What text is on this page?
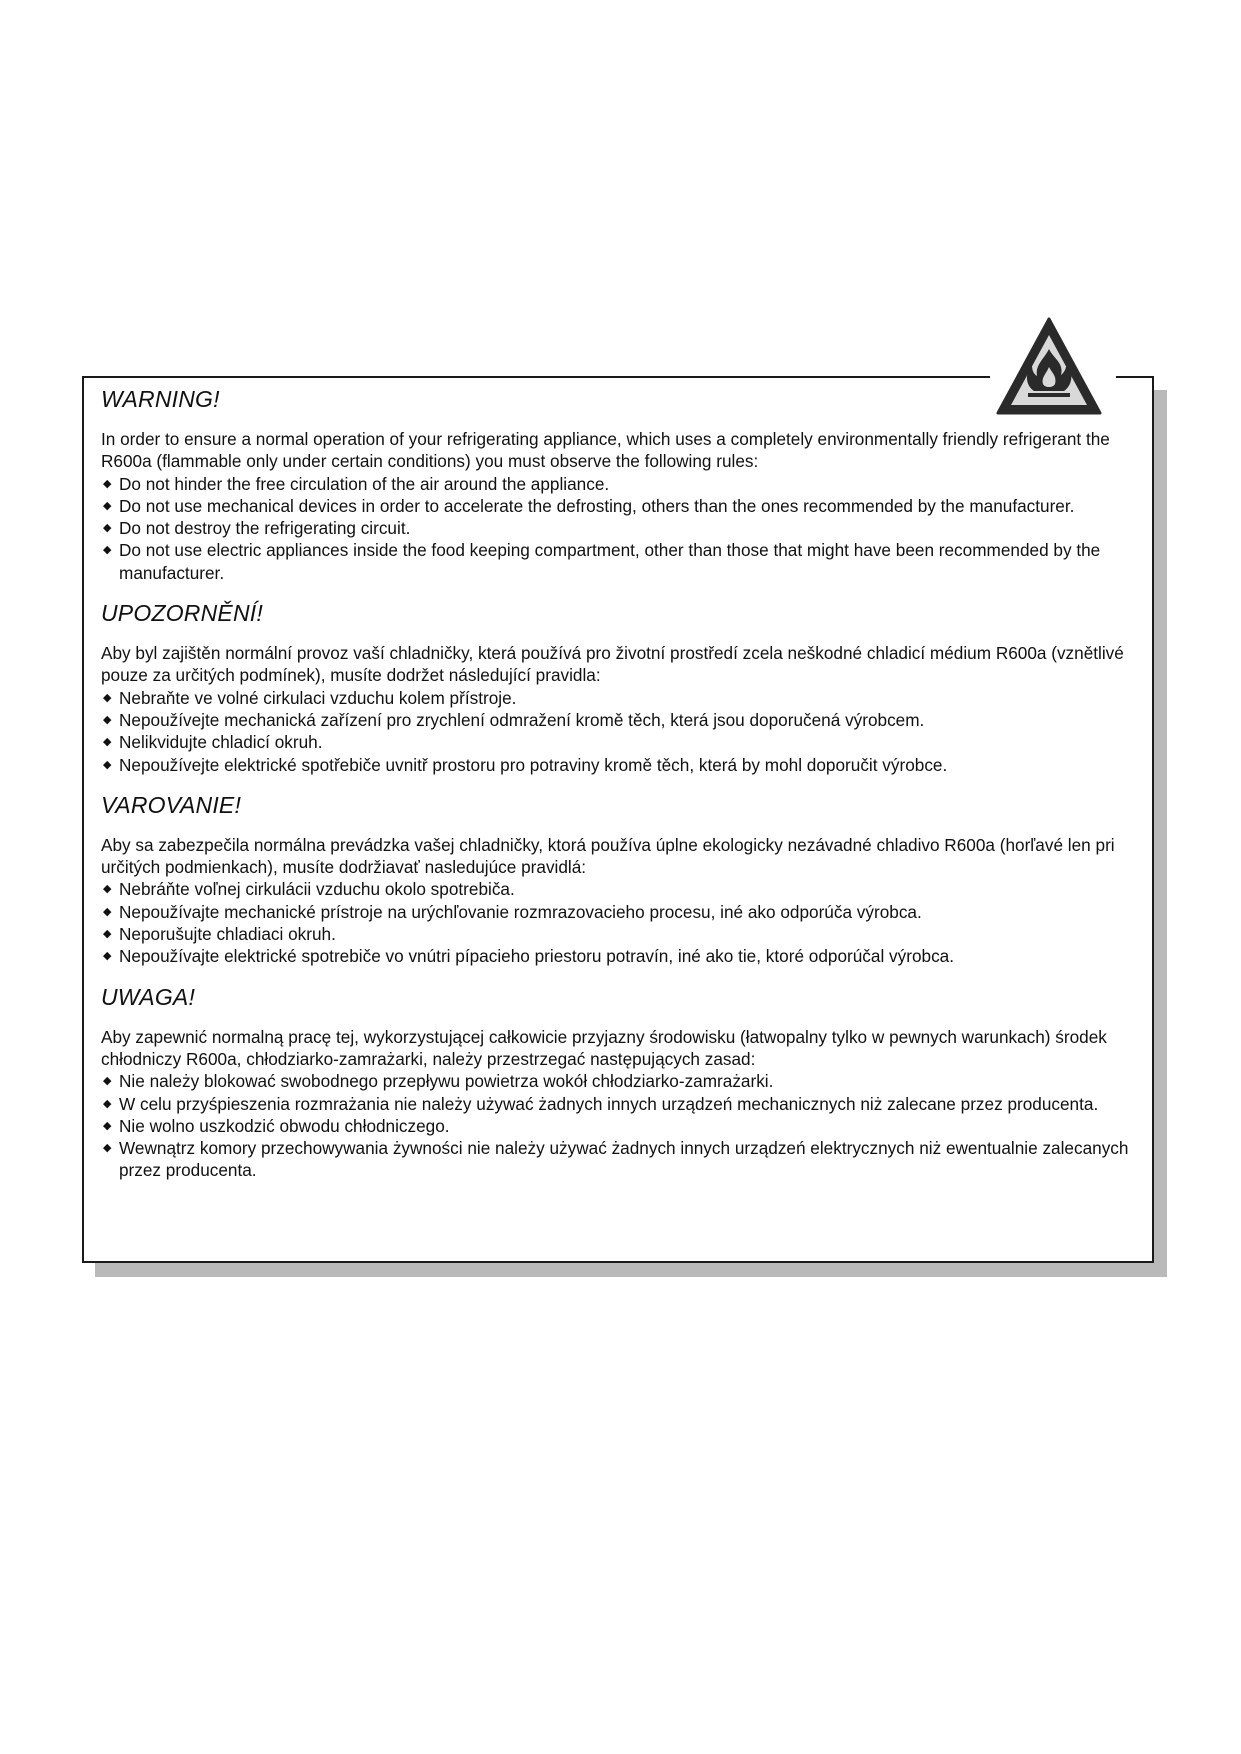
WARNING!
In order to ensure a normal operation of your refrigerating appliance, which uses a completely environmentally friendly refrigerant the R600a (flammable only under certain conditions) you must observe the following rules:
◆ Do not hinder the free circulation of the air around the appliance.
◆ Do not use mechanical devices in order to accelerate the defrosting, others than the ones recommended by the manufacturer.
◆ Do not destroy the refrigerating circuit.
◆ Do not use electric appliances inside the food keeping compartment, other than those that might have been recommended by the manufacturer.
UPOZORNĚNÍ!
Aby byl zajištěn normální provoz vaší chladničky, která používá pro životní prostředí zcela neškodné chladicí médium R600a (vznětlivé pouze za určitých podmínek), musíte dodržet následující pravidla:
◆ Nebraňte ve volné cirkulaci vzduchu kolem přístroje.
◆ Nepoužívejte mechanická zařízení pro zrychlení odmražení kromě těch, která jsou doporučená výrobcem.
◆ Nelikvidujte chladicí okruh.
◆ Nepoužívejte elektrické spotřebiče uvnitř prostoru pro potraviny kromě těch, která by mohl doporučit výrobce.
VAROVANIE!
Aby sa zabezpečila normálna prevádzka vašej chladničky, ktorá používa úplne ekologicky nezávadné chladivo R600a (horľavé len pri určitých podmienkach), musíte dodržiavať nasledujúce pravidlá:
◆ Nebráňte voľnej cirkulácii vzduchu okolo spotrebiča.
◆ Nepoužívajte mechanické prístroje na urýchľovanie rozmrazovacieho procesu, iné ako odporúča výrobca.
◆ Neporušujte chladiaci okruh.
◆ Nepoužívajte elektrické spotrebiče vo vnútri pípacieho priestoru potravín, iné ako tie, ktoré odporúčal výrobca.
UWAGA!
Aby zapewnić normalną pracę tej, wykorzystującej całkowicie przyjazny środowisku (łatwopalny tylko w pewnych warunkach) środek chłodniczy R600a, chłodziarko-zamrażarki, należy przestrzegać następujących zasad:
◆ Nie należy blokować swobodnego przepływu powietrza wokół chłodziarko-zamrażarki.
◆ W celu przyśpieszenia rozmrażania nie należy używać żadnych innych urządzeń mechanicznych niż zalecane przez producenta.
◆ Nie wolno uszkodzić obwodu chłodniczego.
◆ Wewnątrz komory przechowywania żywności nie należy używać żadnych innych urządzeń elektrycznych niż ewentualnie zalecanych przez producenta.
